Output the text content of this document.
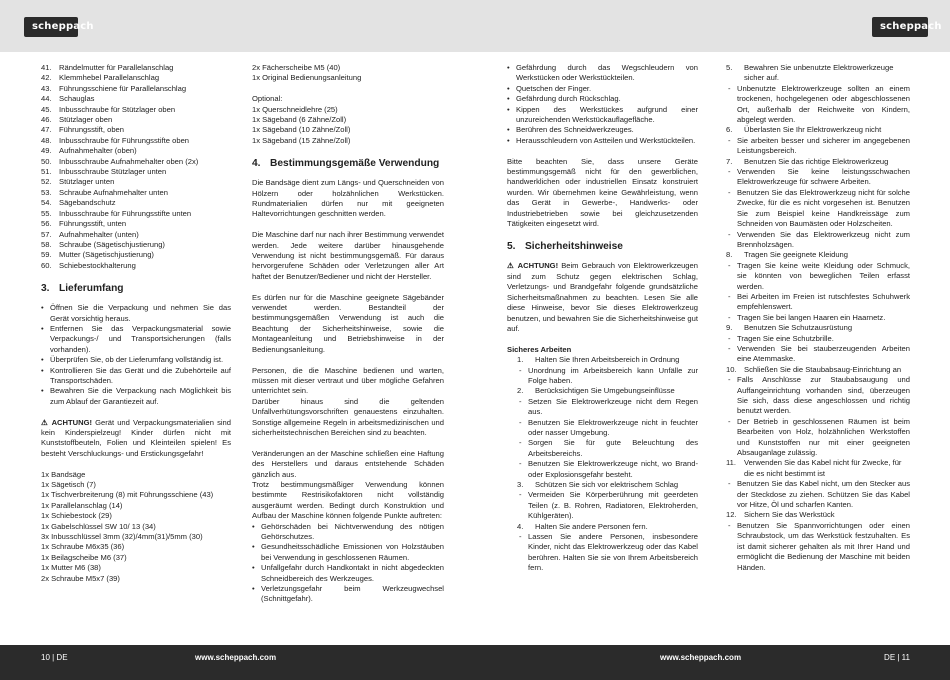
scheppach	scheppach
41. Rändelmutter für Parallelanschlag
42. Klemmhebel Parallelanschlag
43. Führungsschiene für Parallelanschlag
44. Schauglas
45. Inbusschraube für Stützlager oben
46. Stützlager oben
47. Führungsstift, oben
48. Inbusschraube für Führungsstifte oben
49. Aufnahmehalter (oben)
50. Inbusschraube Aufnahmehalter oben (2x)
51. Inbusschraube Stützlager unten
52. Stützlager unten
53. Schraube Aufnahmehalter unten
54. Sägebandschutz
55. Inbusschraube für Führungsstifte unten
56. Führungsstift, unten
57. Aufnahmehalter (unten)
58. Schraube (Sägetischjustierung)
59. Mutter (Sägetischjustierung)
60. Schiebestockhalterung
3. Lieferumfang
• Öffnen Sie die Verpackung und nehmen Sie das Gerät vorsichtig heraus.
• Entfernen Sie das Verpackungsmaterial sowie Verpackungs-/ und Transportsicherungen (falls vorhanden).
• Überprüfen Sie, ob der Lieferumfang vollständig ist.
• Kontrollieren Sie das Gerät und die Zubehörteile auf Transportschäden.
• Bewahren Sie die Verpackung nach Möglichkeit bis zum Ablauf der Garantiezeit auf.

⚠ ACHTUNG! Gerät und Verpackungsmaterialien sind kein Kinderspielzeug! Kinder dürfen nicht mit Kunststoffbeuteln, Folien und Kleinteilen spielen! Es besteht Verschluckungs- und Erstickungsgefahr!

1x Bandsäge
1x Sägetisch (7)
1x Tischverbreiterung (8) mit Führungsschiene (43)
1x Parallelanschlag (14)
1x Schiebestock (29)
1x Gabelschlüssel SW 10/ 13 (34)
3x Inbusschlüssel 3mm (32)/4mm(31)/5mm (30)
1x Schraube M6x35 (36)
1x Beilagscheibe M6 (37)
1x Mutter M6 (38)
2x Schraube M5x7 (39)
2x Fächerscheibe M5 (40)
1x Original Bedienungsanleitung
Optional:
1x Querschneidlehre (25)
1x Sägeband (6 Zähne/Zoll)
1x Sägeband (10 Zähne/Zoll)
1x Sägeband (15 Zähne/Zoll)
4. Bestimmungsgemäße Verwendung

Die Bandsäge dient zum Längs- und Querschneiden von Hölzern oder holzähnlichen Werkstücken. Rundmaterialien dürfen nur mit geeigneten Haltevorrichtungen geschnitten werden.

Die Maschine darf nur nach ihrer Bestimmung verwendet werden. Jede weitere darüber hinausgehende Verwendung ist nicht bestimmungsgemäß. Für daraus hervorgerufene Schäden oder Verletzungen aller Art haftet der Benutzer/Bediener und nicht der Hersteller.

Es dürfen nur für die Maschine geeignete Sägebänder verwendet werden. Bestandteil der bestimmungsgemäßen Verwendung ist auch die Beachtung der Sicherheitshinweise, sowie die Montageanleitung und Betriebshinweise in der Bedienungsanleitung.

Personen, die die Maschine bedienen und warten, müssen mit dieser vertraut und über mögliche Gefahren unterrichtet sein.

Darüber hinaus sind die geltenden Unfallverhütungsvorschriften genauestens einzuhalten. Sonstige allgemeine Regeln in arbeitsmedizinischen und sicherheitstechnischen Bereichen sind zu beachten.

Veränderungen an der Maschine schließen eine Haftung des Herstellers und daraus entstehende Schäden gänzlich aus.

Trotz bestimmungsmäßiger Verwendung können bestimmte Restrisikofaktoren nicht vollständig ausgeräumt werden. Bedingt durch Konstruktion und Aufbau der Maschine können folgende Punkte auftreten:

• Gehörschäden bei Nichtverwendung des nötigen Gehörschutzes.
• Gesundheitsschädliche Emissionen von Holzstäuben bei Verwendung in geschlossenen Räumen.
• Unfallgefahr durch Handkontakt in nicht abgedeckten Schneidbereich des Werkzeuges.
• Verletzungsgefahr beim Werkzeugwechsel (Schnittgefahr).
• Gefährdung durch das Wegschleudern von Werkstücken oder Werkstückteilen.
• Quetschen der Finger.
• Gefährdung durch Rückschlag.
• Kippen des Werkstückes aufgrund einer unzureichenden Werkstückauflagefläche.
• Berühren des Schneidwerkzeuges.
• Herausschleudern von Astteilen und Werkstückteilen.

Bitte beachten Sie, dass unsere Geräte bestimmungsgemäß nicht für den gewerblichen, handwerklichen oder industriellen Einsatz konstruiert wurden. Wir übernehmen keine Gewährleistung, wenn das Gerät in Gewerbe-, Handwerks- oder Industriebetrieben sowie bei gleichzusetzenden Tätigkeiten eingesetzt wird.

5. Sicherheitshinweise

⚠ ACHTUNG! Beim Gebrauch von Elektrowerkzeugen sind zum Schutz gegen elektrischen Schlag, Verletzungs- und Brandgefahr folgende grundsätzliche Sicherheitsmaßnahmen zu beachten. Lesen Sie alle diese Hinweise, bevor Sie dieses Elektrowerkzeug benutzen, und bewahren Sie die Sicherheitshinweise gut auf.

Sicheres Arbeiten
1.	Halten Sie Ihren Arbeitsbereich in Ordnung
- Unordnung im Arbeitsbereich kann Unfälle zur Folge haben.
2.	Berücksichtigen Sie Umgebungseinflüsse
- Setzen Sie Elektrowerkzeuge nicht dem Regen aus.
- Benutzen Sie Elektrowerkzeuge nicht in feuchter oder nasser Umgebung.
- Sorgen Sie für gute Beleuchtung des Arbeitsbereichs.
- Benutzen Sie Elektrowerkzeuge nicht, wo Brand- oder Explosionsgefahr besteht.
3.	Schützen Sie sich vor elektrischem Schlag
- Vermeiden Sie Körperberührung mit geerdeten Teilen (z. B. Rohren, Radiatoren, Elektroherden, Kühlgeräten).
4.	Halten Sie andere Personen fern.
- Lassen Sie andere Personen, insbesondere Kinder, nicht das Elektrowerkzeug oder das Kabel berühren. Halten Sie sie von Ihrem Arbeitsbereich fern.
5.	Bewahren Sie unbenutzte Elektrowerkzeuge sicher auf.
- Unbenutzte Elektrowerkzeuge sollten an einem trockenen, hochgelegenen oder abgeschlossenen Ort, außerhalb der Reichweite von Kindern, abgelegt werden.
6.	Überlasten Sie Ihr Elektrowerkzeug nicht
- Sie arbeiten besser und sicherer im angegebenen Leistungsbereich.
7.	Benutzen Sie das richtige Elektrowerkzeug
- Verwenden Sie keine leistungsschwachen Elektrowerkzeuge für schwere Arbeiten.
- Benutzen Sie das Elektrowerkzeug nicht für solche Zwecke, für die es nicht vorgesehen ist. Benutzen Sie zum Beispiel keine Handkreissäge zum Schneiden von Baumästen oder Holzscheiten.
- Verwenden Sie das Elektrowerkzeug nicht zum Brennholzsägen.
8.	Tragen Sie geeignete Kleidung
- Tragen Sie keine weite Kleidung oder Schmuck, sie könnten von beweglichen Teilen erfasst werden.
- Bei Arbeiten im Freien ist rutschfestes Schuhwerk empfehlenswert.
- Tragen Sie bei langen Haaren ein Haarnetz.
9.	Benutzen Sie Schutzausrüstung
- Tragen Sie eine Schutzbrille.
- Verwenden Sie bei stauberzeugenden Arbeiten eine Atemmaske.
10. Schließen Sie die Staubabsaug-Einrichtung an
- Falls Anschlüsse zur Staubabsaugung und Auffangeinrichtung vorhanden sind, überzeugen Sie sich, dass diese angeschlossen und richtig benutzt werden.
- Der Betrieb in geschlossenen Räumen ist beim Bearbeiten von Holz, holzähnlichen Werkstoffen und Kunststoffen nur mit einer geeigneten Absauganlage zulässig.
11.	Verwenden Sie das Kabel nicht für Zwecke, für die es nicht bestimmt ist
- Benutzen Sie das Kabel nicht, um den Stecker aus der Steckdose zu ziehen. Schützen Sie das Kabel vor Hitze, Öl und scharfen Kanten.
12. Sichern Sie das Werkstück
- Benutzen Sie Spannvorrichtungen oder einen Schraubstock, um das Werkstück festzuhalten. Es ist damit sicherer gehalten als mit Ihrer Hand und ermöglicht die Bedienung der Maschine mit beiden Händen.
10 | DE	www.scheppach.com	www.scheppach.com	DE | 11
